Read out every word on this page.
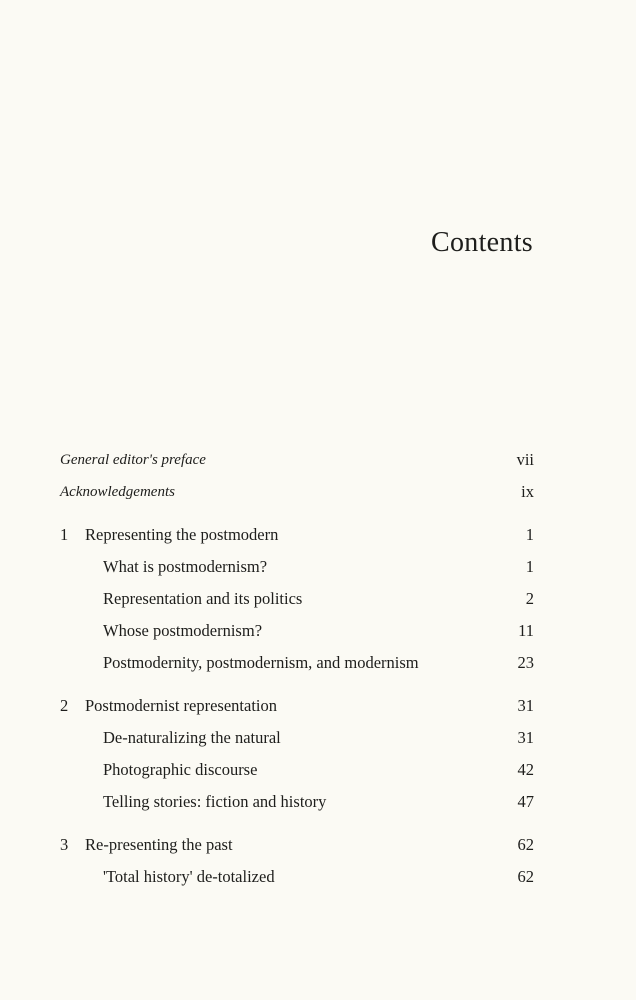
Contents
General editor's preface	vii
Acknowledgements	ix
1 Representing the postmodern	1
What is postmodernism?	1
Representation and its politics	2
Whose postmodernism?	11
Postmodernity, postmodernism, and modernism	23
2 Postmodernist representation	31
De-naturalizing the natural	31
Photographic discourse	42
Telling stories: fiction and history	47
3 Re-presenting the past	62
'Total history' de-totalized	62
